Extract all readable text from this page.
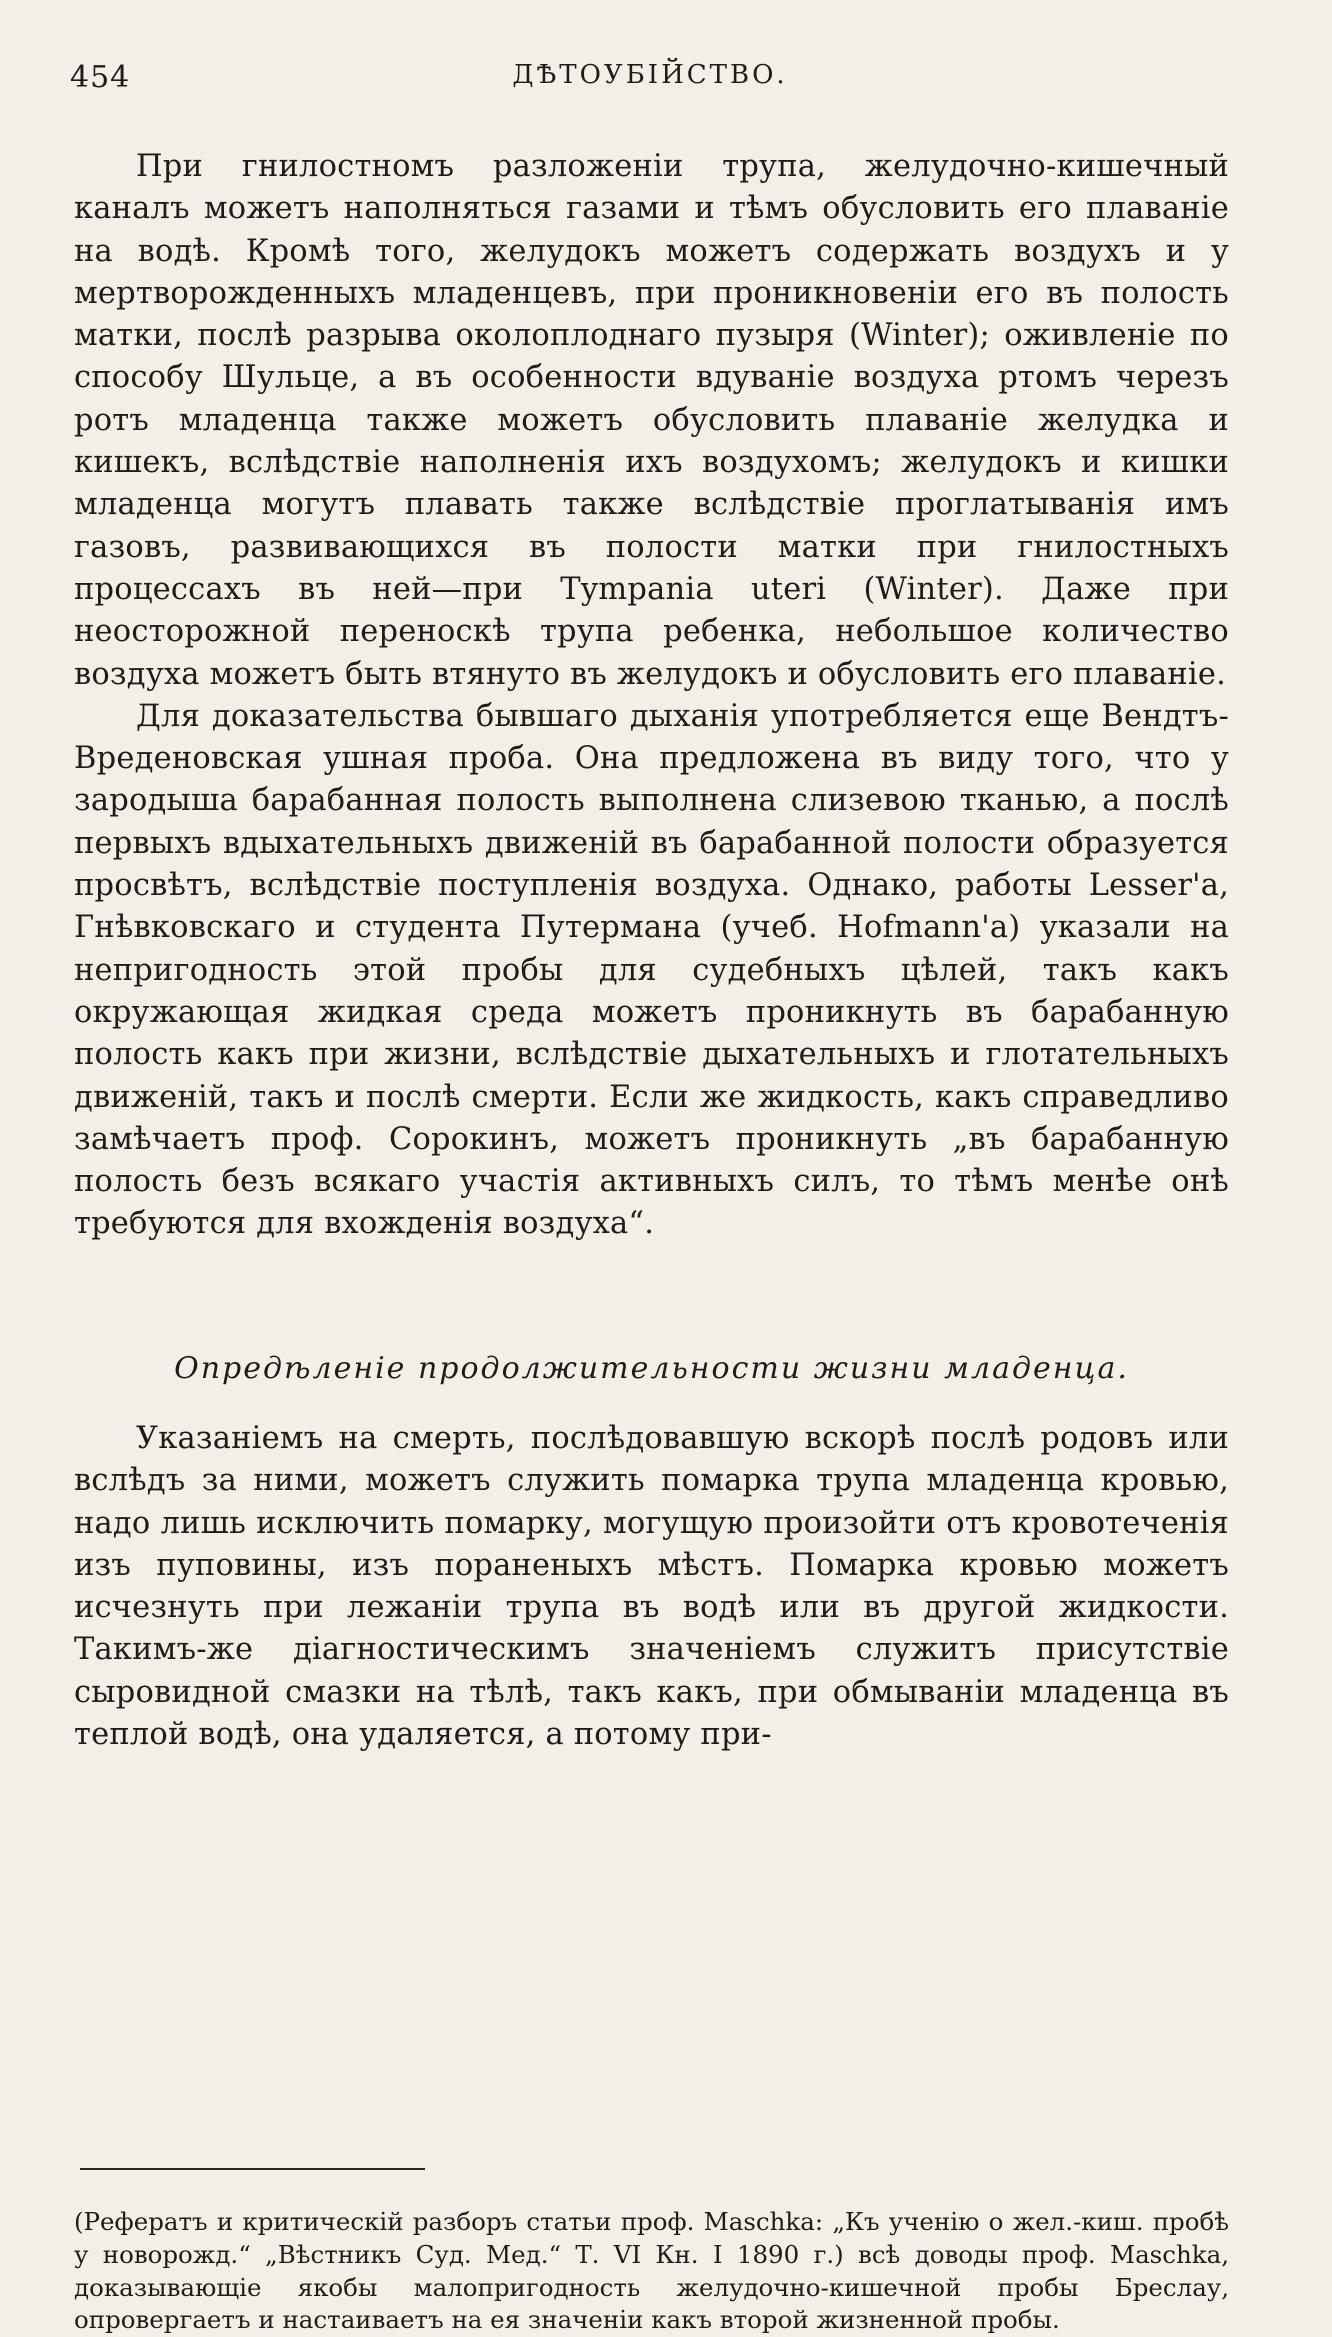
454	ДѢТОУБІЙСТВО.

При гнилостномъ разложеніи трупа, желудочно-кишечный каналъ можетъ наполняться газами и тѣмъ обусловить его плаваніе на водѣ. Кромѣ того, желудокъ можетъ содержать воздухъ и у мертворожденныхъ младенцевъ, при проникновеніи его въ полость матки, послѣ разрыва околоплоднаго пузыря (Winter); оживленіе по способу Шульце, а въ особенности вдуваніе воздуха ртомъ черезъ ротъ младенца также можетъ обусловить плаваніе желудка и кишекъ, вслѣдствіе наполненія ихъ воздухомъ; желудокъ и кишки младенца могутъ плавать также вслѣдствіе проглатыванія имъ газовъ, развивающихся въ полости матки при гнилостныхъ процессахъ въ ней—при Tympania uteri (Winter). Даже при неосторожной переноскѣ трупа ребенка, небольшое количество воздуха можетъ быть втянуто въ желудокъ и обусловить его плаваніе.

Для доказательства бывшаго дыханія употребляется еще Вендтъ-Вреденовская ушная проба. Она предложена въ виду того, что у зародыша барабанная полость выполнена слизевою тканью, а послѣ первыхъ вдыхательныхъ движеній въ барабанной полости образуется просвѣтъ, вслѣдствіе поступленія воздуха. Однако, работы Lesser'a, Гнѣвковскаго и студента Путермана (учеб. Hofmann'a) указали на непригодность этой пробы для судебныхъ цѣлей, такъ какъ окружающая жидкая среда можетъ проникнуть въ барабанную полость какъ при жизни, вслѣдствіе дыхательныхъ и глотательныхъ движеній, такъ и послѣ смерти. Если же жидкость, какъ справедливо замѣчаетъ проф. Сорокинъ, можетъ проникнуть „въ барабанную полость безъ всякаго участія активныхъ силъ, то тѣмъ менѣе онѣ требуются для вхожденія воздуха“.

Опредѣленіе продолжительности жизни младенца.

Указаніемъ на смерть, послѣдовавшую вскорѣ послѣ родовъ или вслѣдъ за ними, можетъ служить помарка трупа младенца кровью, надо лишь исключить помарку, могущую произойти отъ кровотеченія изъ пуповины, изъ пораненыхъ мѣстъ. Помарка кровью можетъ исчезнуть при лежаніи трупа въ водѣ или въ другой жидкости. Такимъ-же діагностическимъ значеніемъ служитъ присутствіе сыровидной смазки на тѣлѣ, такъ какъ, при обмываніи младенца въ теплой водѣ, она удаляется, а потому при-

(Рефератъ и критическій разборъ статьи проф. Maschka: „Къ ученію о жел.-киш. пробѣ у новорожд.“ „Вѣстникъ Суд. Мед.“ Т. VI Кн. I 1890 г.) всѣ доводы проф. Maschka, доказывающіе якобы малопригодность желудочно-кишечной пробы Бреслау, опровергаетъ и настаиваетъ на ея значеніи какъ второй жизненной пробы.
